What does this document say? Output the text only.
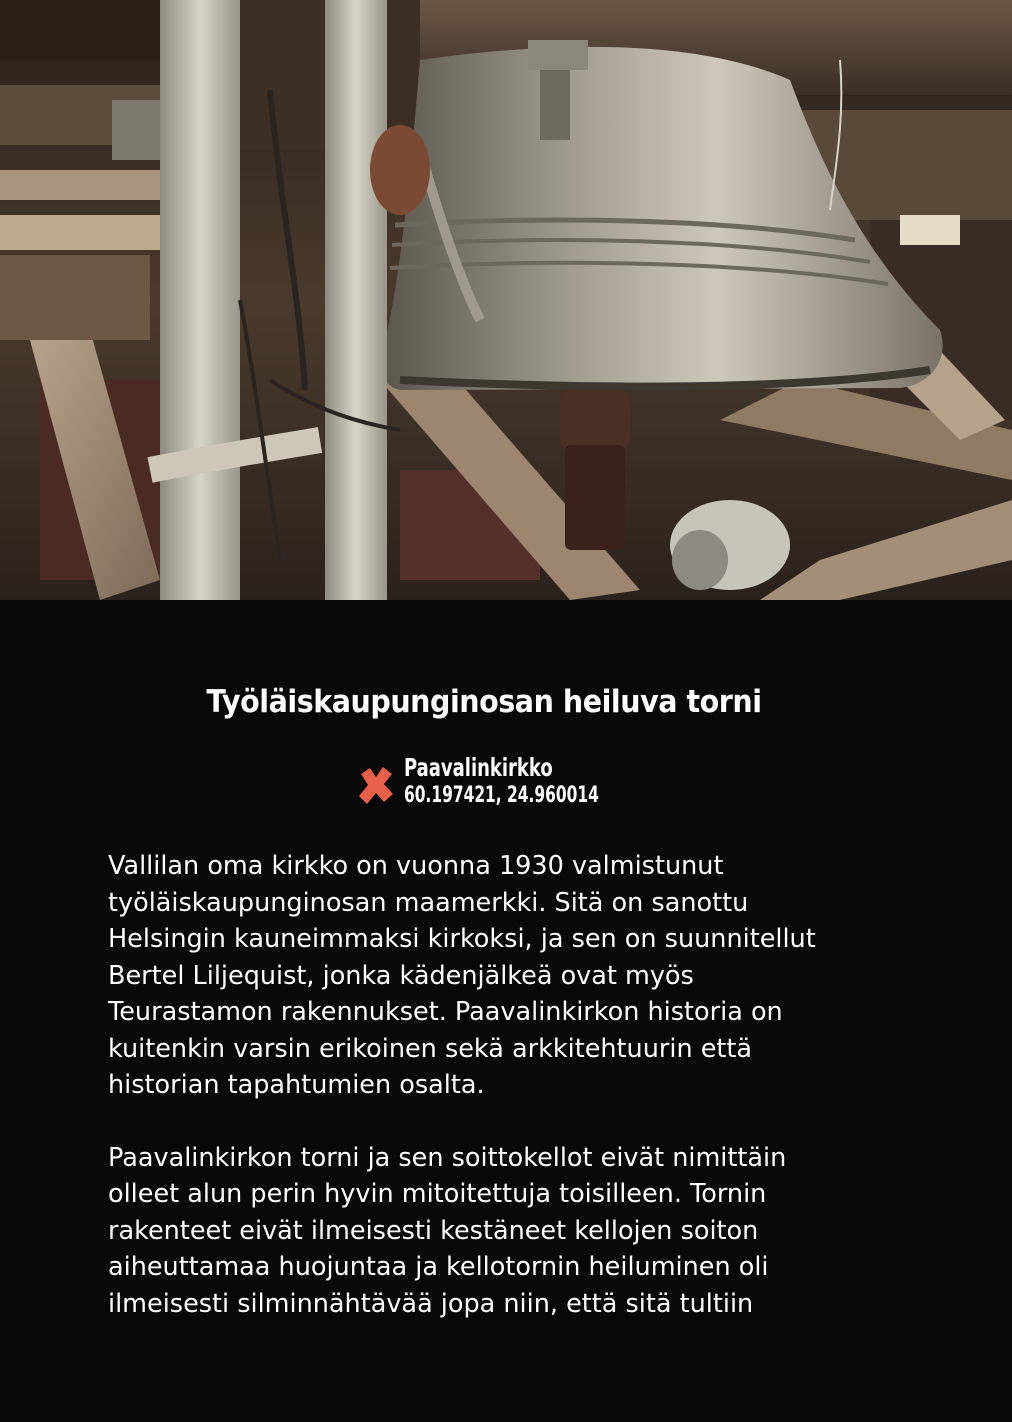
Työläiskaupunginosan heiluva torni
Paavalinkirkko
60.197421, 24.960014

Vallilan oma kirkko on vuonna 1930 valmistunut
työläiskaupunginosan maamerkki. Sitä on sanottu
Helsingin kauneimmaksi kirkoksi, ja sen on suunnitellut
Bertel Liljequist, jonka kädenjälkeä ovat myös
Teurastamon rakennukset. Paavalinkirkon historia on
kuitenkin varsin erikoinen sekä arkkitehtuurin että
historian tapahtumien osalta.

Paavalinkirkon torni ja sen soittokellot eivät nimittäin
olleet alun perin hyvin mitoitettuja toisilleen. Tornin
rakenteet eivät ilmeisesti kestäneet kellojen soiton
aiheuttamaa huojuntaa ja kellotornin heiluminen oli
ilmeisesti silminnähtävää jopa niin, että sitä tultiin
